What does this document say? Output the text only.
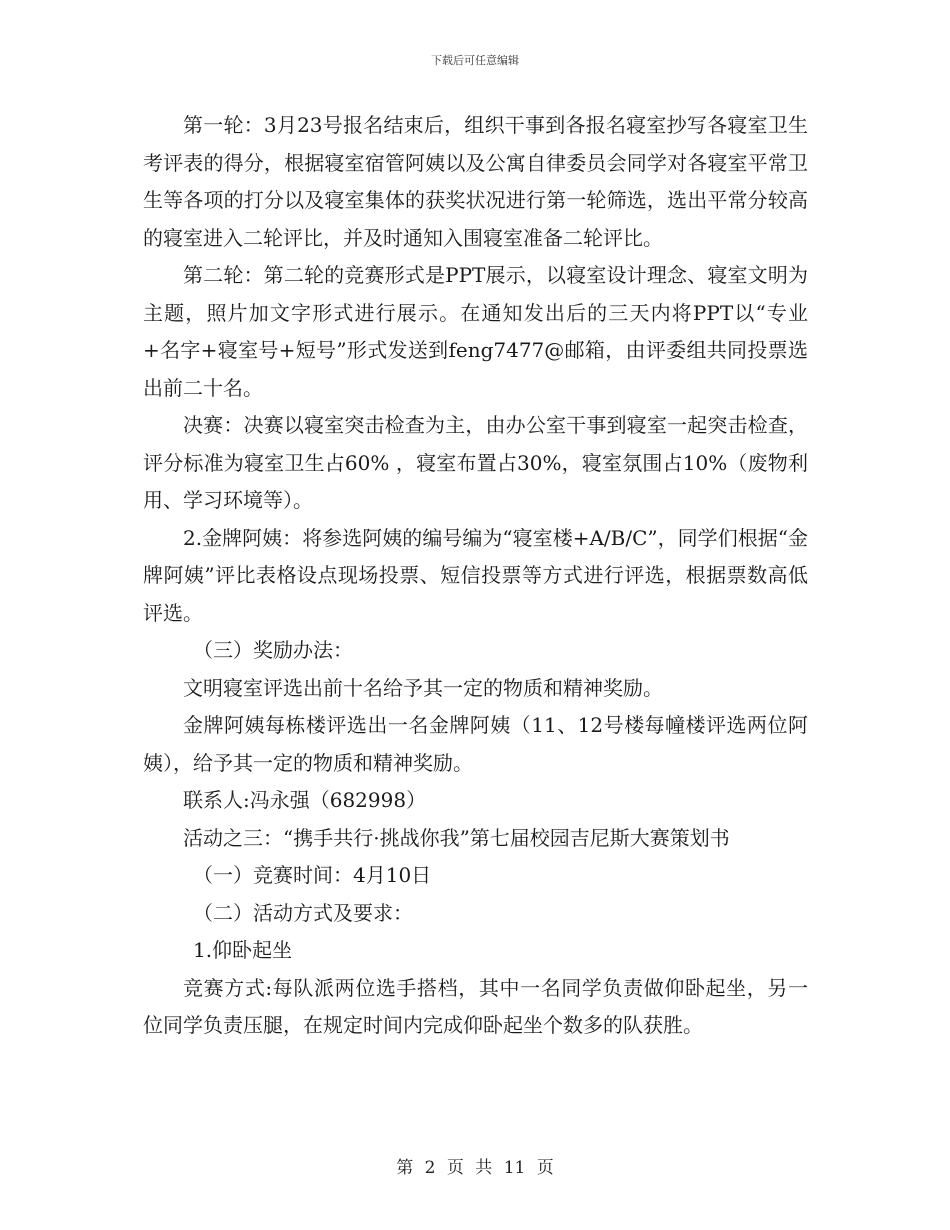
下载后可任意编辑

第一轮：3月23号报名结束后，组织干事到各报名寝室抄写各寝室卫生考评表的得分，根据寝室宿管阿姨以及公寓自律委员会同学对各寝室平常卫生等各项的打分以及寝室集体的获奖状况进行第一轮筛选，选出平常分较高的寝室进入二轮评比，并及时通知入围寝室准备二轮评比。

第二轮：第二轮的竞赛形式是PPT展示，以寝室设计理念、寝室文明为主题，照片加文字形式进行展示。在通知发出后的三天内将PPT以“专业+名字+寝室号+短号”形式发送到feng7477@邮箱，由评委组共同投票选出前二十名。

决赛：决赛以寝室突击检查为主，由办公室干事到寝室一起突击检查，评分标准为寝室卫生占60% ，寝室布置占30%，寝室氛围占10%（废物利用、学习环境等）。

2.金牌阿姨：将参选阿姨的编号编为“寝室楼+A/B/C”，同学们根据“金牌阿姨”评比表格设点现场投票、短信投票等方式进行评选，根据票数高低评选。

（三）奖励办法：

文明寝室评选出前十名给予其一定的物质和精神奖励。

金牌阿姨每栋楼评选出一名金牌阿姨（11、12号楼每幢楼评选两位阿姨），给予其一定的物质和精神奖励。

联系人:冯永强（682998）

活动之三：“携手共行·挑战你我”第七届校园吉尼斯大赛策划书

（一）竞赛时间：4月10日

（二）活动方式及要求：

1.仰卧起坐

竞赛方式:每队派两位选手搭档，其中一名同学负责做仰卧起坐，另一位同学负责压腿，在规定时间内完成仰卧起坐个数多的队获胜。

第 2 页 共 11 页
